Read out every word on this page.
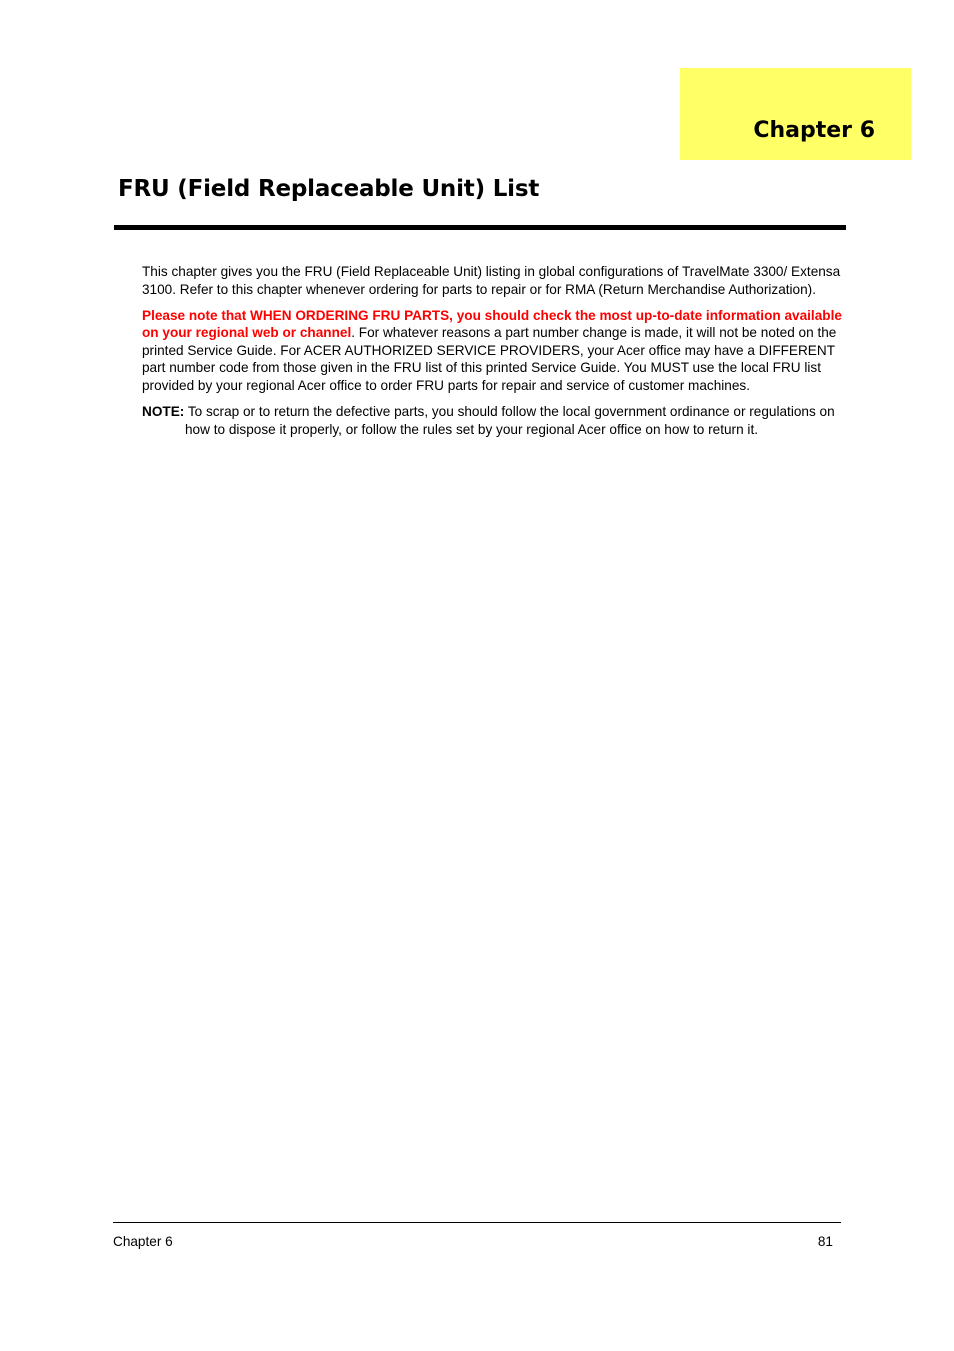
Chapter 6
FRU (Field Replaceable Unit) List

This chapter gives you the FRU (Field Replaceable Unit) listing in global configurations of TravelMate 3300/ Extensa 3100. Refer to this chapter whenever ordering for parts to repair or for RMA (Return Merchandise Authorization).

Please note that WHEN ORDERING FRU PARTS, you should check the most up-to-date information available on your regional web or channel. For whatever reasons a part number change is made, it will not be noted on the printed Service Guide. For ACER AUTHORIZED SERVICE PROVIDERS, your Acer office may have a DIFFERENT part number code from those given in the FRU list of this printed Service Guide. You MUST use the local FRU list provided by your regional Acer office to order FRU parts for repair and service of customer machines.

NOTE: To scrap or to return the defective parts, you should follow the local government ordinance or regulations on how to dispose it properly, or follow the rules set by your regional Acer office on how to return it.

Chapter 6	81
